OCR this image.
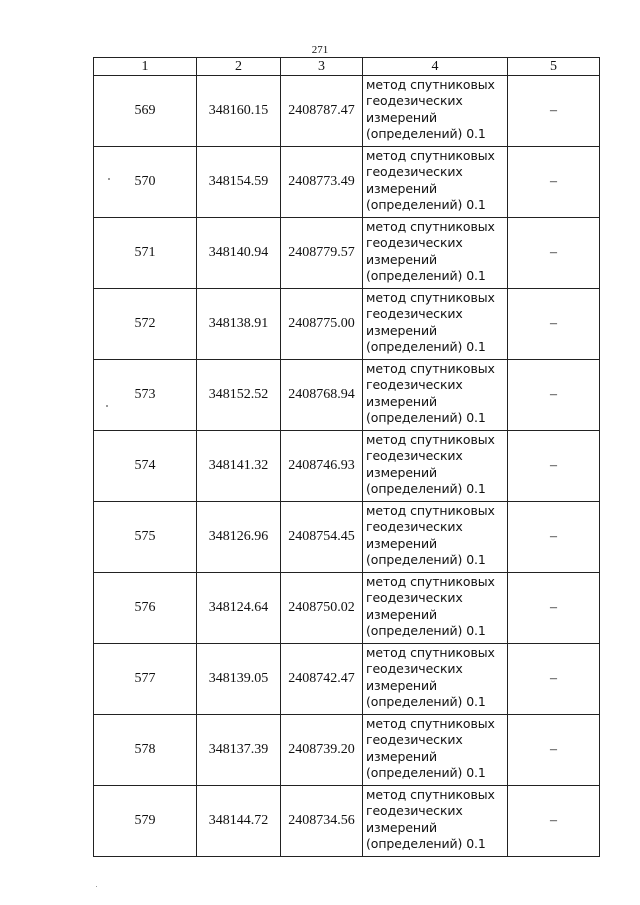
271
1	2	3	4	5
569	348160.15	2408787.47	метод спутниковых
геодезических
измерений
(определений) 0.1	–
570	348154.59	2408773.49	метод спутниковых
геодезических
измерений
(определений) 0.1	–
571	348140.94	2408779.57	метод спутниковых
геодезических
измерений
(определений) 0.1	–
572	348138.91	2408775.00	метод спутниковых
геодезических
измерений
(определений) 0.1	–
573	348152.52	2408768.94	метод спутниковых
геодезических
измерений
(определений) 0.1	–
574	348141.32	2408746.93	метод спутниковых
геодезических
измерений
(определений) 0.1	–
575	348126.96	2408754.45	метод спутниковых
геодезических
измерений
(определений) 0.1	–
576	348124.64	2408750.02	метод спутниковых
геодезических
измерений
(определений) 0.1	–
577	348139.05	2408742.47	метод спутниковых
геодезических
измерений
(определений) 0.1	–
578	348137.39	2408739.20	метод спутниковых
геодезических
измерений
(определений) 0.1	–
579	348144.72	2408734.56	метод спутниковых
геодезических
измерений
(определений) 0.1	–
